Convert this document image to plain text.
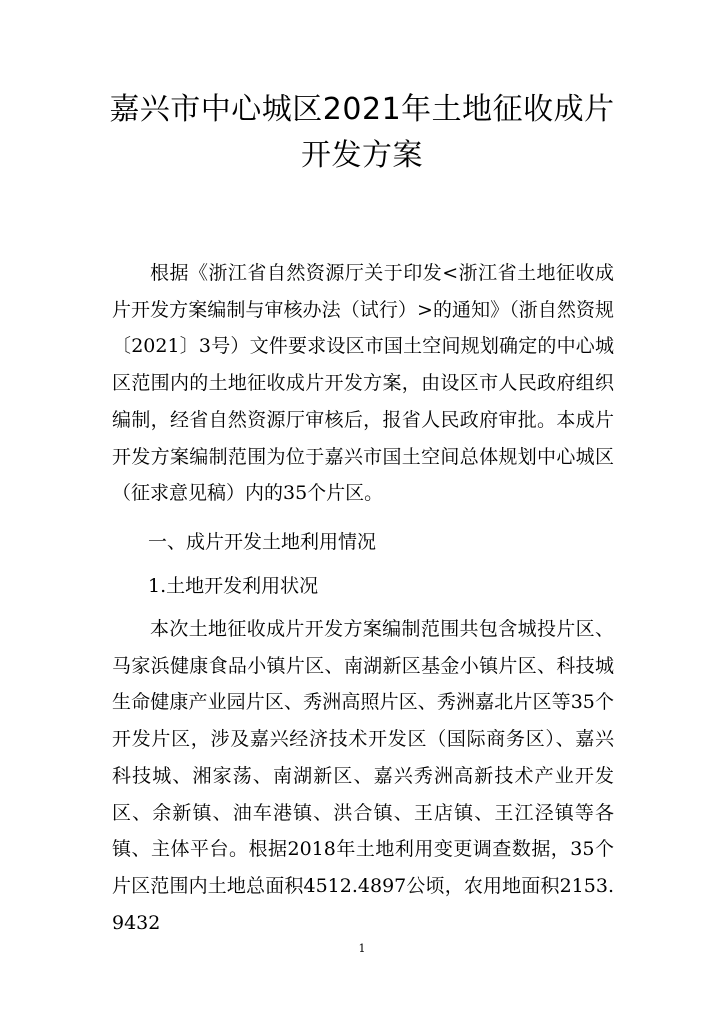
嘉兴市中心城区2021年土地征收成片
开发方案

根据《浙江省自然资源厅关于印发<浙江省土地征收成片开发方案编制与审核办法（试行）>的通知》（浙自然资规〔2021〕3号）文件要求设区市国土空间规划确定的中心城区范围内的土地征收成片开发方案，由设区市人民政府组织编制，经省自然资源厅审核后，报省人民政府审批。本成片开发方案编制范围为位于嘉兴市国土空间总体规划中心城区（征求意见稿）内的35个片区。

一、成片开发土地利用情况
1.土地开发利用状况

本次土地征收成片开发方案编制范围共包含城投片区、马家浜健康食品小镇片区、南湖新区基金小镇片区、科技城生命健康产业园片区、秀洲高照片区、秀洲嘉北片区等35个开发片区，涉及嘉兴经济技术开发区（国际商务区）、嘉兴科技城、湘家荡、南湖新区、嘉兴秀洲高新技术产业开发区、余新镇、油车港镇、洪合镇、王店镇、王江泾镇等各镇、主体平台。根据2018年土地利用变更调查数据，35个片区范围内土地总面积4512.4897公顷，农用地面积2153.9432

1
